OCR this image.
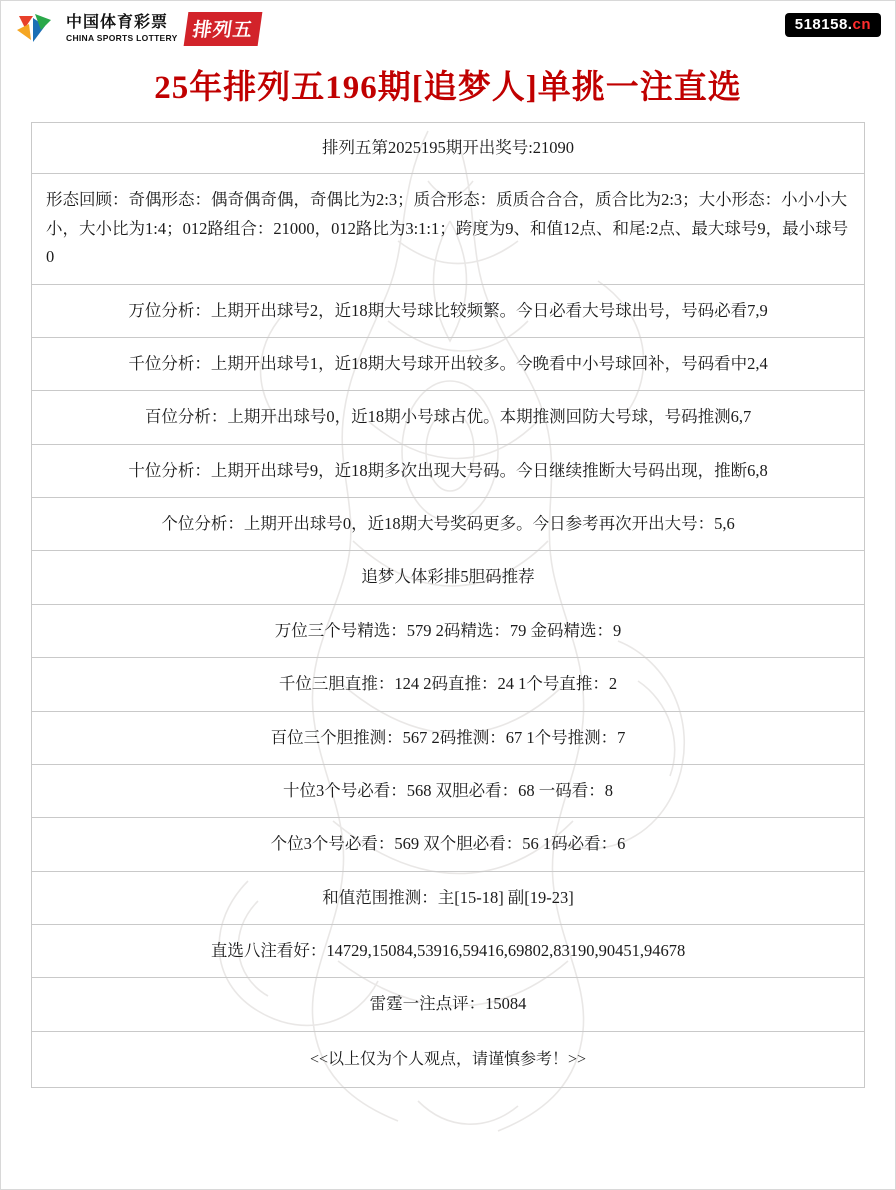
中国体育彩票
CHINA SPORTS LOTTERY 排列五	518158.cn
25年排列五196期[追梦人]单挑一注直选
排列五第2025195期开出奖号:21090
形态回顾：奇偶形态：偶奇偶奇偶，奇偶比为2:3；质合形态：质质合合合，质合比为2:3；大小形态：小小小大小，大小比为1:4；012路组合：21000，012路比为3:1:1；跨度为9、和值12点、和尾:2点、最大球号9，最小球号0
万位分析：上期开出球号2，近18期大号球比较频繁。今日必看大号球出号，号码必看7,9
千位分析：上期开出球号1，近18期大号球开出较多。今晚看中小号球回补，号码看中2,4
百位分析：上期开出球号0，近18期小号球占优。本期推测回防大号球，号码推测6,7
十位分析：上期开出球号9，近18期多次出现大号码。今日继续推断大号码出现，推断6,8
个位分析：上期开出球号0，近18期大号奖码更多。今日参考再次开出大号：5,6
追梦人体彩排5胆码推荐
万位三个号精选：579 2码精选：79 金码精选：9
千位三胆直推：124 2码直推：24 1个号直推：2
百位三个胆推测：567 2码推测：67 1个号推测：7
十位3个号必看：568 双胆必看：68 一码看：8
个位3个号必看：569 双个胆必看：56 1码必看：6
和值范围推测：主[15-18] 副[19-23]
直选八注看好：14729,15084,53916,59416,69802,83190,90451,94678
雷霆一注点评：15084
<<以上仅为个人观点，请谨慎参考！>>
